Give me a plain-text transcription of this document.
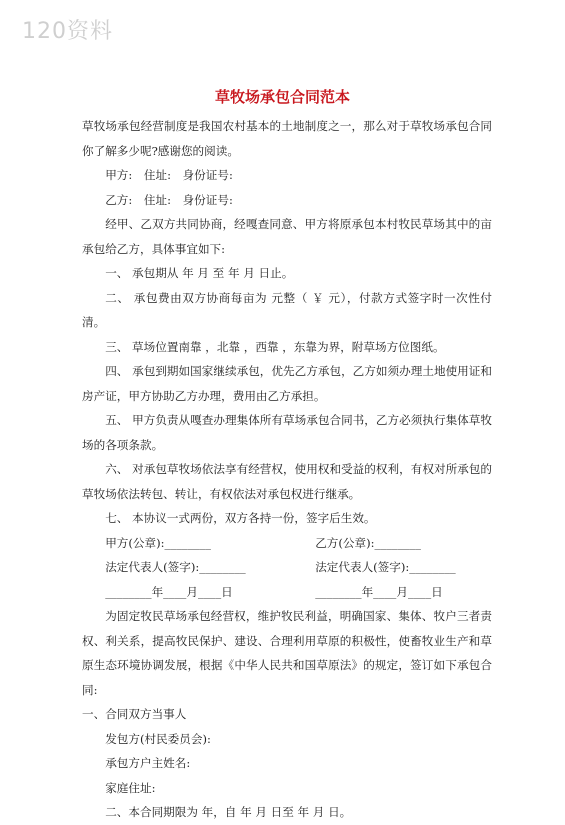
120资料
草牧场承包合同范本

草牧场承包经营制度是我国农村基本的土地制度之一，那么对于草牧场承包合同你了解多少呢?感谢您的阅读。

甲方:　住址:　身份证号:

乙方:　住址:　身份证号:

经甲、乙双方共同协商，经嘎查同意、甲方将原承包本村牧民草场其中的亩承包给乙方，具体事宜如下:

一、 承包期从 年 月 至 年 月 日止。

二、 承包费由双方协商每亩为 元整（ ￥ 元），付款方式签字时一次性付清。

三、 草场位置南靠 ，北靠 ，西靠 ，东靠为界，附草场方位图纸。

四、 承包到期如国家继续承包，优先乙方承包，乙方如须办理土地使用证和房产证，甲方协助乙方办理，费用由乙方承担。

五、 甲方负责从嘎查办理集体所有草场承包合同书，乙方必须执行集体草牧场的各项条款。

六、 对承包草牧场依法享有经营权，使用权和受益的权利，有权对所承包的草牧场依法转包、转让，有权依法对承包权进行继承。

七、 本协议一式两份，双方各持一份，签字后生效。

甲方(公章):________	乙方(公章):________
法定代表人(签字):________	法定代表人(签字):________
________年____月____日	________年____月____日

为固定牧民草场承包经营权，维护牧民利益，明确国家、集体、牧户三者责权、利关系，提高牧民保护、建设、合理利用草原的积极性，使畜牧业生产和草原生态环境协调发展，根据《中华人民共和国草原法》的规定，签订如下承包合同:

一、合同双方当事人

发包方(村民委员会):

承包方户主姓名:

家庭住址:

二、本合同期限为 年，自 年 月 日至 年 月 日。
